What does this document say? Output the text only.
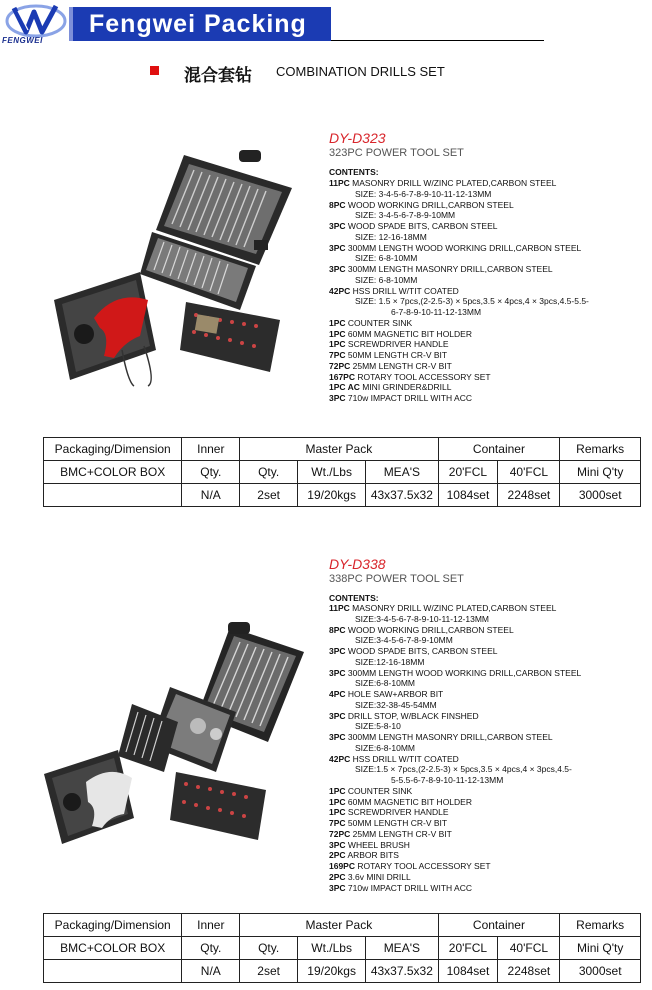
FENGWEI
Fengwei Packing
混合套钻 COMBINATION DRILLS SET
DY-D323
323PC POWER TOOL SET
CONTENTS:
11PC MASONRY DRILL W/ZINC PLATED,CARBON STEEL
SIZE: 3-4-5-6-7-8-9-10-11-12-13MM
8PC WOOD WORKING DRILL,CARBON STEEL
SIZE: 3-4-5-6-7-8-9-10MM
3PC WOOD SPADE BITS, CARBON STEEL
SIZE: 12-16-18MM
3PC 300MM LENGTH WOOD WORKING DRILL,CARBON STEEL
SIZE: 6-8-10MM
3PC 300MM LENGTH MASONRY DRILL,CARBON STEEL
SIZE: 6-8-10MM
42PC HSS DRILL W/TIT COATED
SIZE: 1.5 × 7pcs,(2-2.5-3) × 5pcs,3.5 × 4pcs,4 × 3pcs,4.5-5.5-
6-7-8-9-10-11-12-13MM
1PC COUNTER SINK
1PC 60MM MAGNETIC BIT HOLDER
1PC SCREWDRIVER HANDLE
7PC 50MM LENGTH CR-V BIT
72PC 25MM LENGTH CR-V BIT
167PC ROTARY TOOL ACCESSORY SET
1PC AC MINI GRINDER&DRILL
3PC 710w IMPACT DRILL WITH ACC
Packaging/Dimension	Inner	Master Pack			Container		Remarks
BMC+COLOR BOX	Qty.	Qty.	Wt./Lbs	MEA'S	20'FCL	40'FCL	Mini Q'ty
	N/A	2set	19/20kgs	43x37.5x32	1084set	2248set	3000set
DY-D338
338PC POWER TOOL SET
CONTENTS:
11PC MASONRY DRILL W/ZINC PLATED,CARBON STEEL
SIZE:3-4-5-6-7-8-9-10-11-12-13MM
8PC WOOD WORKING DRILL,CARBON STEEL
SIZE:3-4-5-6-7-8-9-10MM
3PC WOOD SPADE BITS, CARBON STEEL
SIZE:12-16-18MM
3PC 300MM LENGTH WOOD WORKING DRILL,CARBON STEEL
SIZE:6-8-10MM
4PC HOLE SAW+ARBOR BIT
SIZE:32-38-45-54MM
3PC DRILL STOP, W/BLACK FINSHED
SIZE:5-8-10
3PC 300MM LENGTH MASONRY DRILL,CARBON STEEL
SIZE:6-8-10MM
42PC HSS DRILL W/TIT COATED
SIZE:1.5 × 7pcs,(2-2.5-3) × 5pcs,3.5 × 4pcs,4 × 3pcs,4.5-
5-5.5-6-7-8-9-10-11-12-13MM
1PC COUNTER SINK
1PC 60MM MAGNETIC BIT HOLDER
1PC SCREWDRIVER HANDLE
7PC 50MM LENGTH CR-V BIT
72PC 25MM LENGTH CR-V BIT
3PC WHEEL BRUSH
2PC ARBOR BITS
169PC ROTARY TOOL ACCESSORY SET
2PC 3.6v MINI DRILL
3PC 710w IMPACT DRILL WITH ACC
Packaging/Dimension	Inner	Master Pack			Container		Remarks
BMC+COLOR BOX	Qty.	Qty.	Wt./Lbs	MEA'S	20'FCL	40'FCL	Mini Q'ty
	N/A	2set	19/20kgs	43x37.5x32	1084set	2248set	3000set
